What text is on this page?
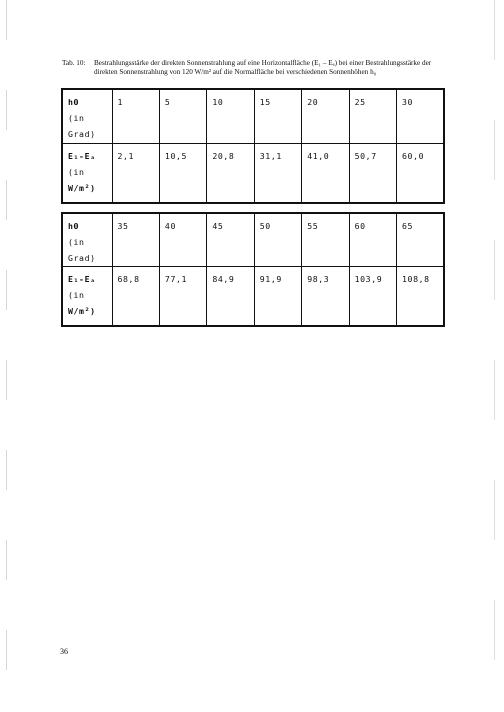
Tab. 10: Bestrahlungsstärke der direkten Sonnenstrahlung auf eine Horizontalfläche (E₁ – Eₐ) bei einer Bestrahlungsstärke der
direkten Sonnenstrahlung von 120 W/m² auf die Normalfläche bei verschiedenen Sonnenhöhen h₀
hΘ
(in
Grad)	1	5	10	15	20	25	30

E₁-Eₐ
(in
W/m²)	2,1	10,5	20,8	31,1	41,0	50,7	60,0
hΘ
(in
Grad)	35	40	45	50	55	60	65

E₁-Eₐ
(in
W/m²)	68,8	77,1	84,9	91,9	98,3	103,9	108,8
36
